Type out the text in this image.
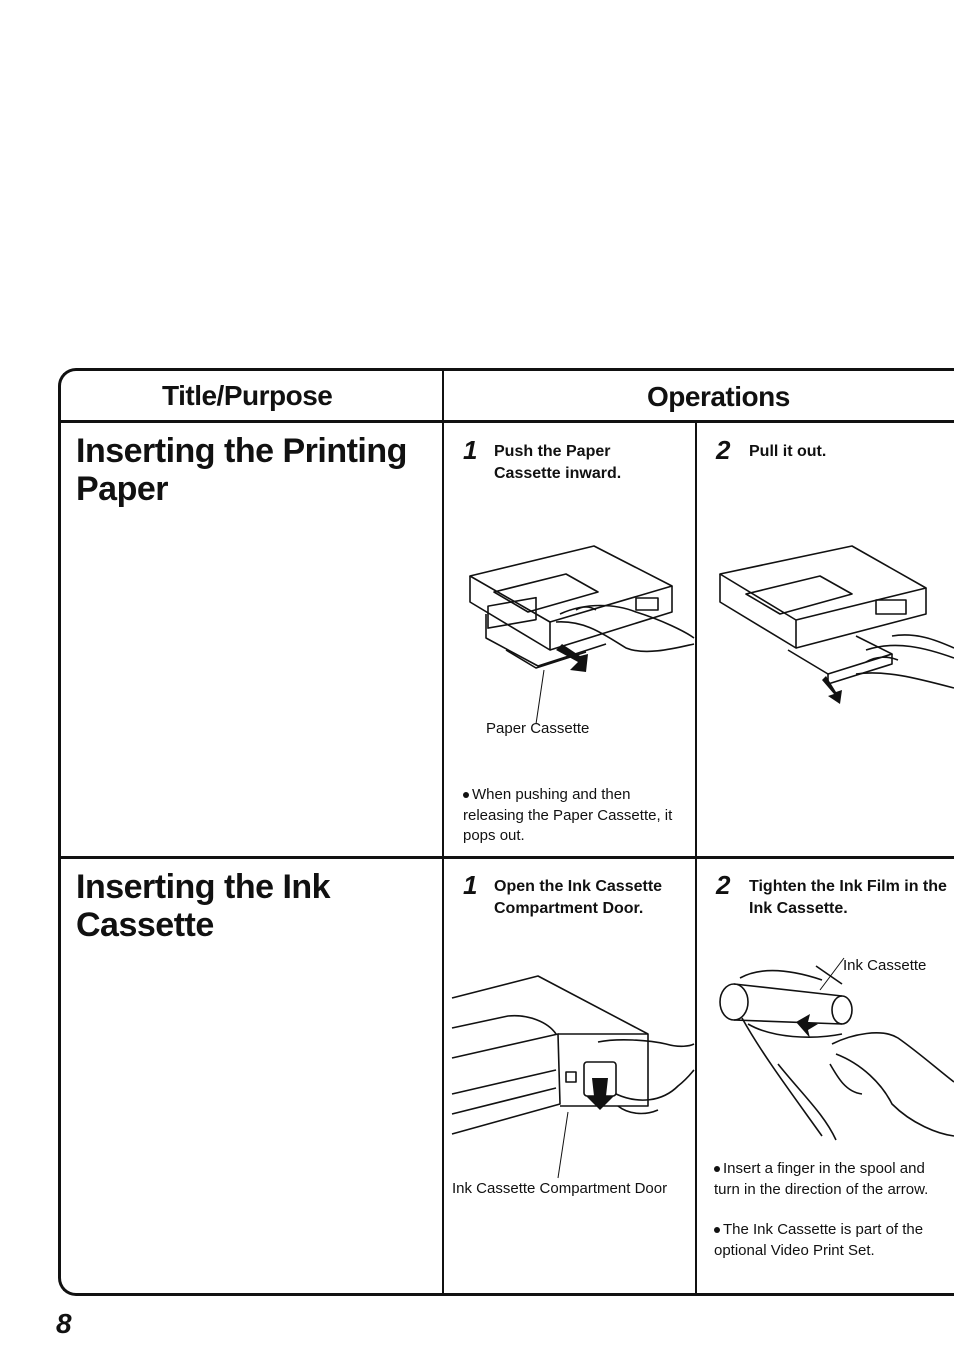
Title/Purpose	Operations
Inserting the Printing Paper
1 Push the Paper Cassette inward.
Paper Cassette
When pushing and then releasing the Paper Cassette, it pops out.
2 Pull it out.
Inserting the Ink Cassette
1 Open the Ink Cassette Compartment Door.
Ink Cassette Compartment Door
2 Tighten the Ink Film in the Ink Cassette.
Ink Cassette
Insert a finger in the spool and turn in the direction of the arrow.
The Ink Cassette is part of the optional Video Print Set.
8
